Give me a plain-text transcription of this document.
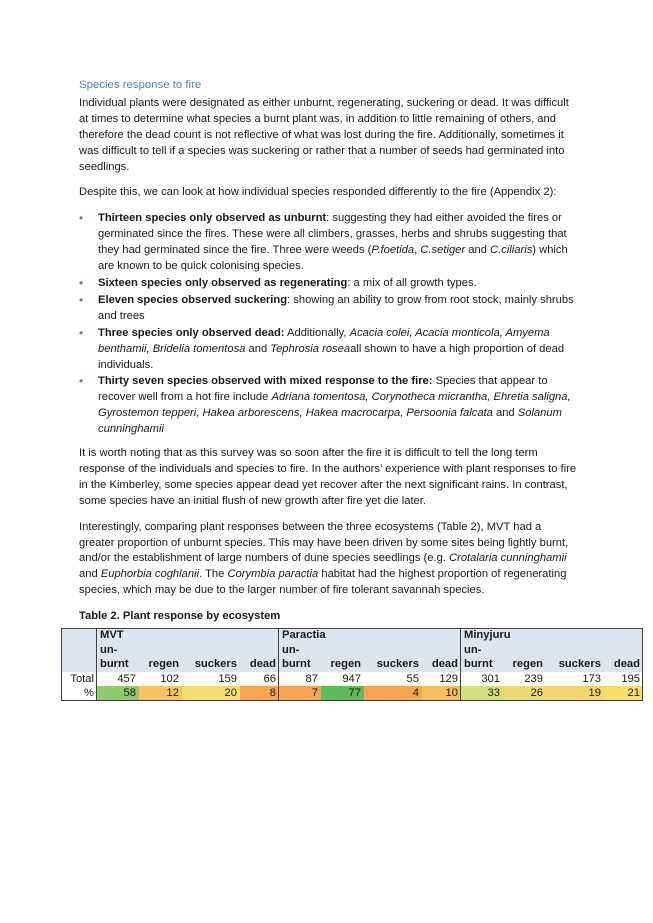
Species response to fire

Individual plants were designated as either unburnt, regenerating, suckering or dead. It was difficult at times to determine what species a burnt plant was, in addition to little remaining of others, and therefore the dead count is not reflective of what was lost during the fire. Additionally, sometimes it was difficult to tell if a species was suckering or rather that a number of seeds had germinated into seedlings.

Despite this, we can look at how individual species responded differently to the fire (Appendix 2):

• Thirteen species only observed as unburnt: suggesting they had either avoided the fires or germinated since the fires. These were all climbers, grasses, herbs and shrubs suggesting that they had germinated since the fire. Three were weeds (P.foetida, C.setiger and C.ciliaris) which are known to be quick colonising species.
• Sixteen species only observed as regenerating: a mix of all growth types.
• Eleven species observed suckering: showing an ability to grow from root stock, mainly shrubs and trees
• Three species only observed dead: Additionally, Acacia colei, Acacia monticola, Amyema benthamii, Bridelia tomentosa and Tephrosia roseaall shown to have a high proportion of dead individuals.
• Thirty seven species observed with mixed response to the fire: Species that appear to recover well from a hot fire include Adriana tomentosa, Corynotheca micrantha, Ehretia saligna, Gyrostemon tepperi, Hakea arborescens, Hakea macrocarpa, Persoonia falcata and Solanum cunninghamii

It is worth noting that as this survey was so soon after the fire it is difficult to tell the long term response of the individuals and species to fire. In the authors’ experience with plant responses to fire in the Kimberley, some species appear dead yet recover after the next significant rains. In contrast, some species have an initial flush of new growth after fire yet die later.

Interestingly, comparing plant responses between the three ecosystems (Table 2), MVT had a greater proportion of unburnt species. This may have been driven by some sites being lightly burnt, and/or the establishment of large numbers of dune species seedlings (e.g. Crotalaria cunninghamii and Euphorbia coghlanii. The Corymbia paractia habitat had the highest proportion of regenerating species, which may be due to the larger number of fire tolerant savannah species.

Table 2. Plant response by ecosystem
	MVT				Paractia				Minyjuru			
	un-				un-				un-			
	burnt	regen	suckers	dead	burnt	regen	suckers	dead	burnt	regen	suckers	dead
Total	457	102	159	66	87	947	55	129	301	239	173	195
%	58	12	20	8	7	77	4	10	33	26	19	21
